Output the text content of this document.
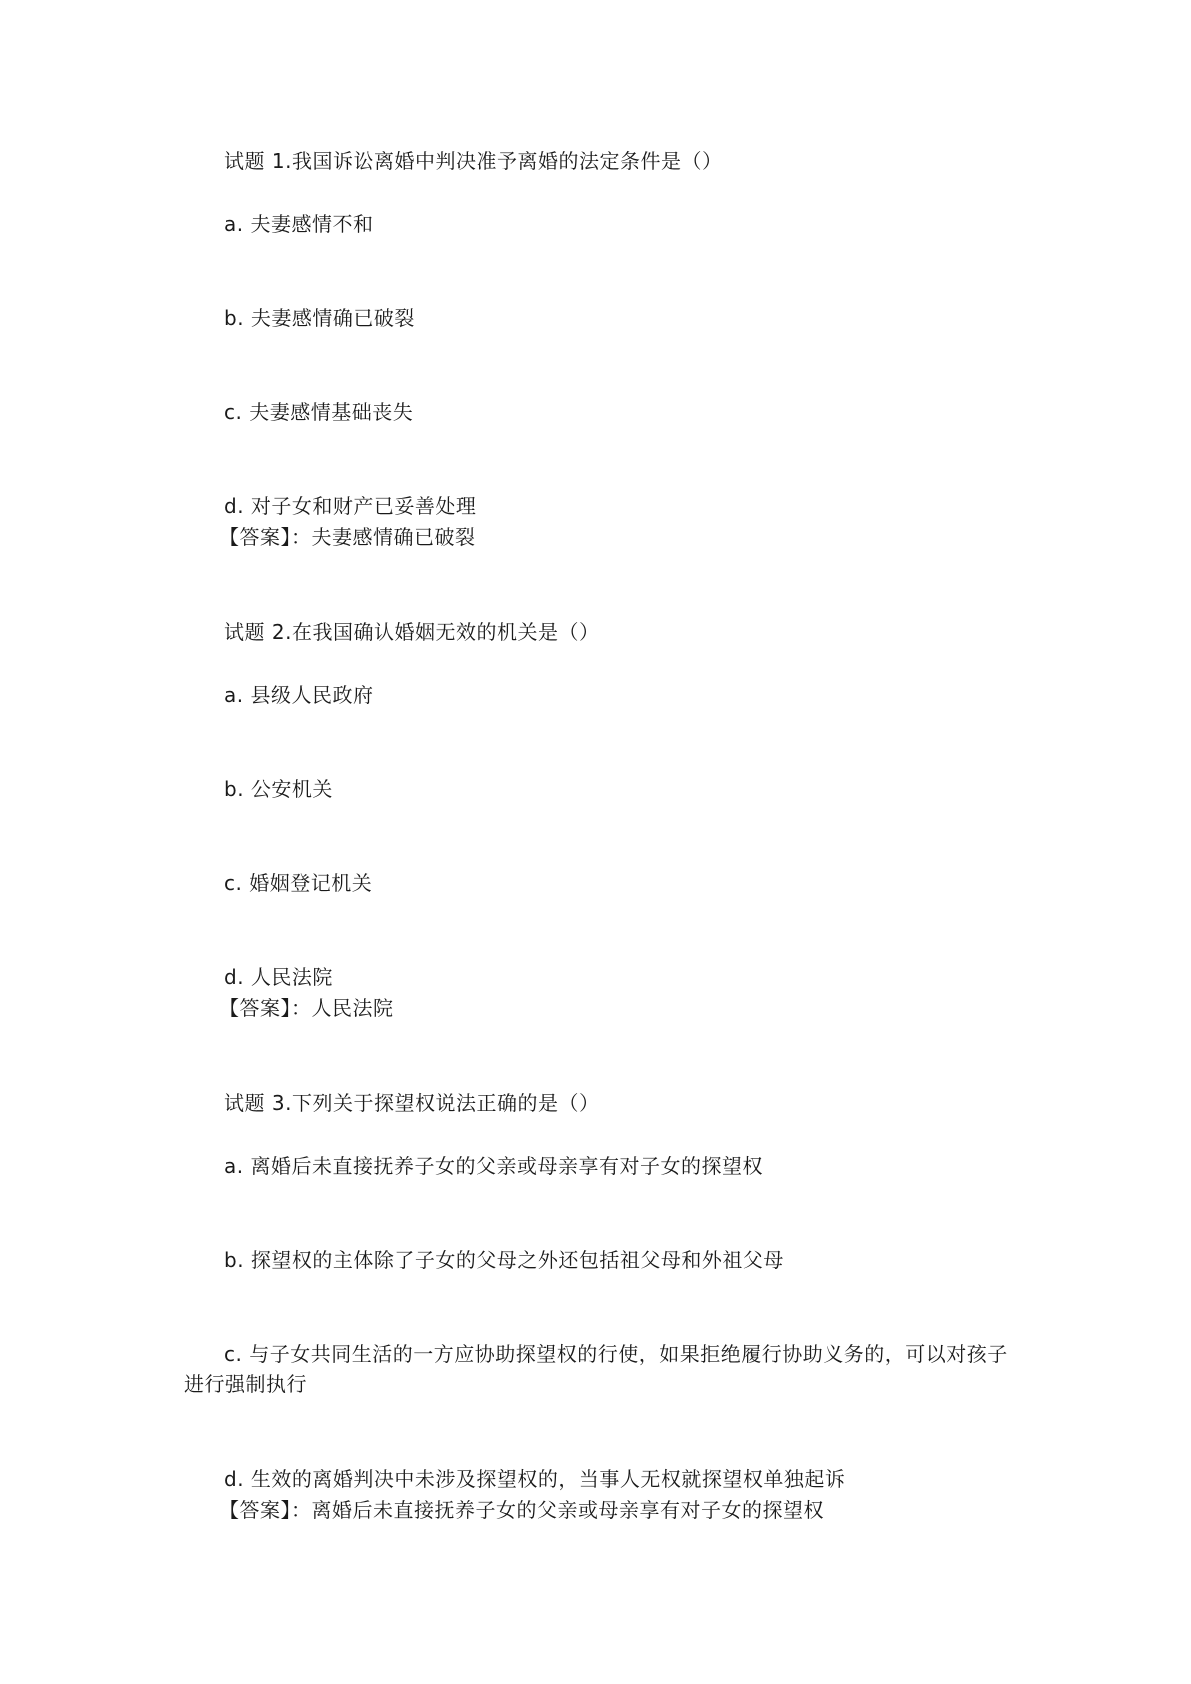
试题 1.我国诉讼离婚中判决准予离婚的法定条件是（）
a. 夫妻感情不和
b. 夫妻感情确已破裂
c. 夫妻感情基础丧失
d. 对子女和财产已妥善处理
【答案】：夫妻感情确已破裂
试题 2.在我国确认婚姻无效的机关是（）
a. 县级人民政府
b. 公安机关
c. 婚姻登记机关
d. 人民法院
【答案】：人民法院
试题 3.下列关于探望权说法正确的是（）
a. 离婚后未直接抚养子女的父亲或母亲享有对子女的探望权
b. 探望权的主体除了子女的父母之外还包括祖父母和外祖父母
c. 与子女共同生活的一方应协助探望权的行使，如果拒绝履行协助义务的，可以对孩子进行强制执行
d. 生效的离婚判决中未涉及探望权的，当事人无权就探望权单独起诉
【答案】：离婚后未直接抚养子女的父亲或母亲享有对子女的探望权
